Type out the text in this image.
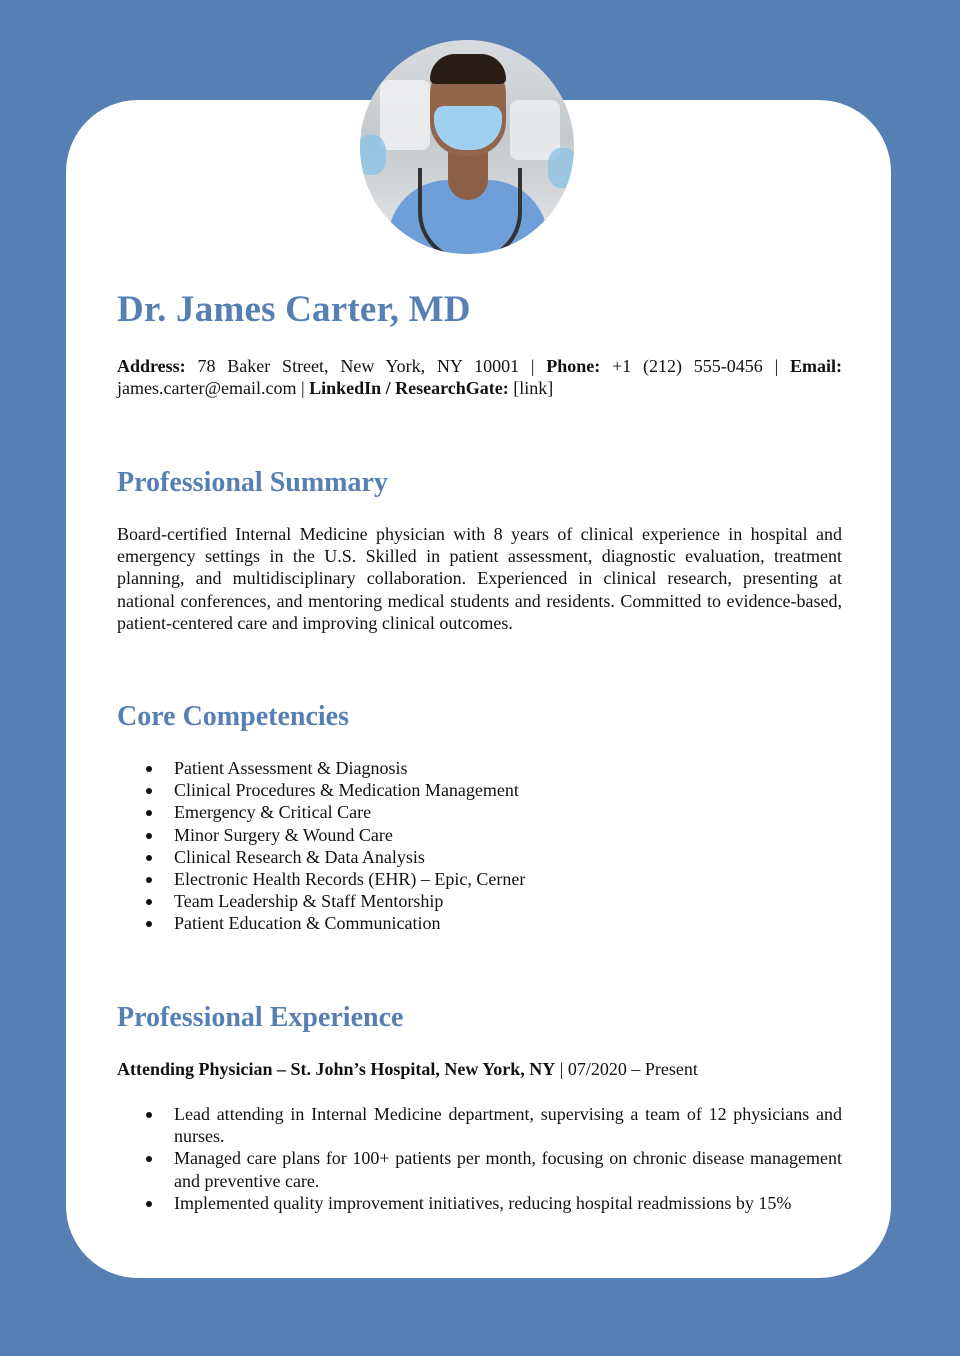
Dr. James Carter, MD
Address: 78 Baker Street, New York, NY 10001 | Phone: +1 (212) 555-0456 | Email: james.carter@email.com | LinkedIn / ResearchGate: [link]
Professional Summary

Board-certified Internal Medicine physician with 8 years of clinical experience in hospital and emergency settings in the U.S. Skilled in patient assessment, diagnostic evaluation, treatment planning, and multidisciplinary collaboration. Experienced in clinical research, presenting at national conferences, and mentoring medical students and residents. Committed to evidence-based, patient-centered care and improving clinical outcomes.

Core Competencies
Patient Assessment & Diagnosis
Clinical Procedures & Medication Management
Emergency & Critical Care
Minor Surgery & Wound Care
Clinical Research & Data Analysis
Electronic Health Records (EHR) – Epic, Cerner
Team Leadership & Staff Mentorship
Patient Education & Communication
Professional Experience
Attending Physician – St. John’s Hospital, New York, NY | 07/2020 – Present
Lead attending in Internal Medicine department, supervising a team of 12 physicians and nurses.
Managed care plans for 100+ patients per month, focusing on chronic disease management and preventive care.
Implemented quality improvement initiatives, reducing hospital readmissions by 15%
